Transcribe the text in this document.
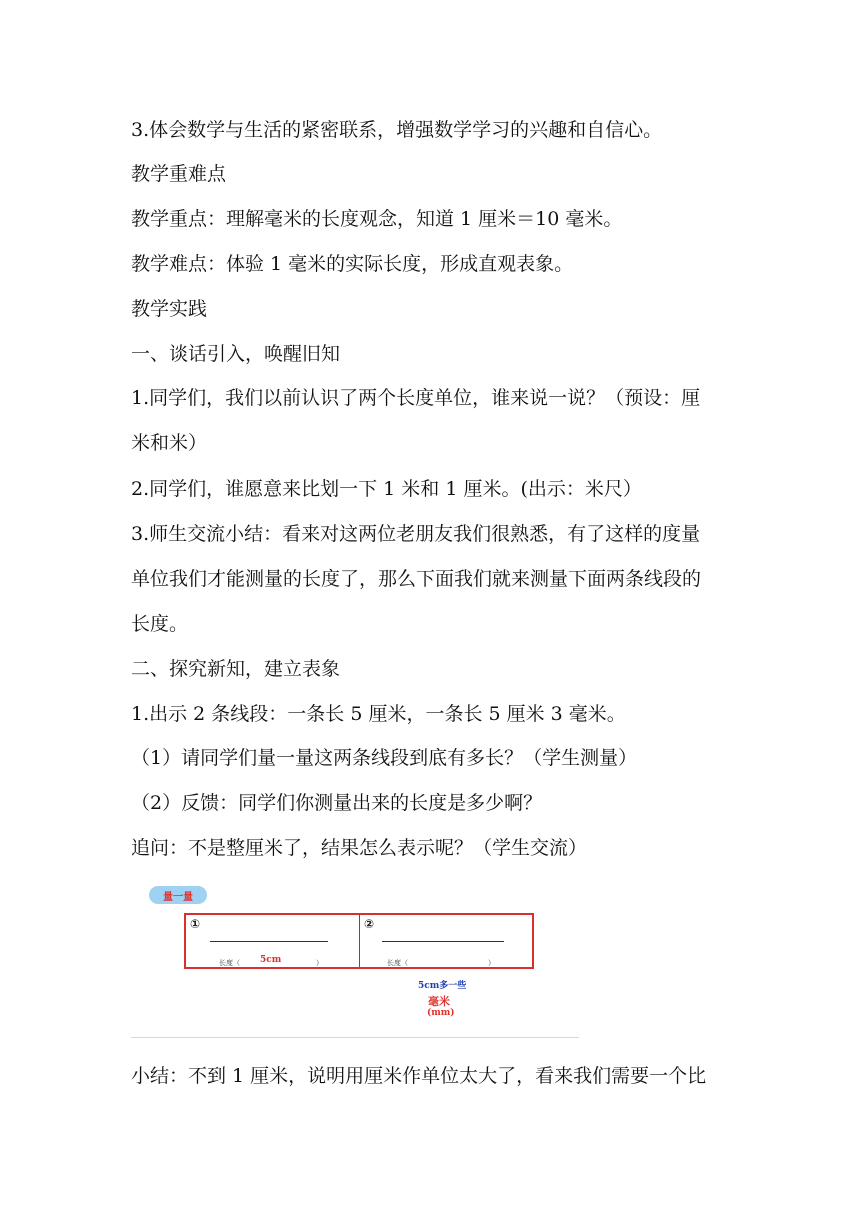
3.体会数学与生活的紧密联系，增强数学学习的兴趣和自信心。
教学重难点
教学重点：理解毫米的长度观念，知道 1 厘米＝10 毫米。
教学难点：体验 1 毫米的实际长度，形成直观表象。
教学实践
一、谈话引入，唤醒旧知
1.同学们，我们以前认识了两个长度单位，谁来说一说？（预设：厘
米和米）
2.同学们，谁愿意来比划一下 1 米和 1 厘米。(出示：米尺）
3.师生交流小结：看来对这两位老朋友我们很熟悉，有了这样的度量
单位我们才能测量的长度了，那么下面我们就来测量下面两条线段的
长度。
二、探究新知，建立表象
1.出示 2 条线段：一条长 5 厘米，一条长 5 厘米 3 毫米。
（1）请同学们量一量这两条线段到底有多长？（学生测量）
（2）反馈：同学们你测量出来的长度是多少啊？
追问：不是整厘米了，结果怎么表示呢？（学生交流）
量一量
①
长度（ 5cm	）
②
长度（	）
5cm多一些
毫米
(mm)
小结：不到 1 厘米，说明用厘米作单位太大了，看来我们需要一个比
